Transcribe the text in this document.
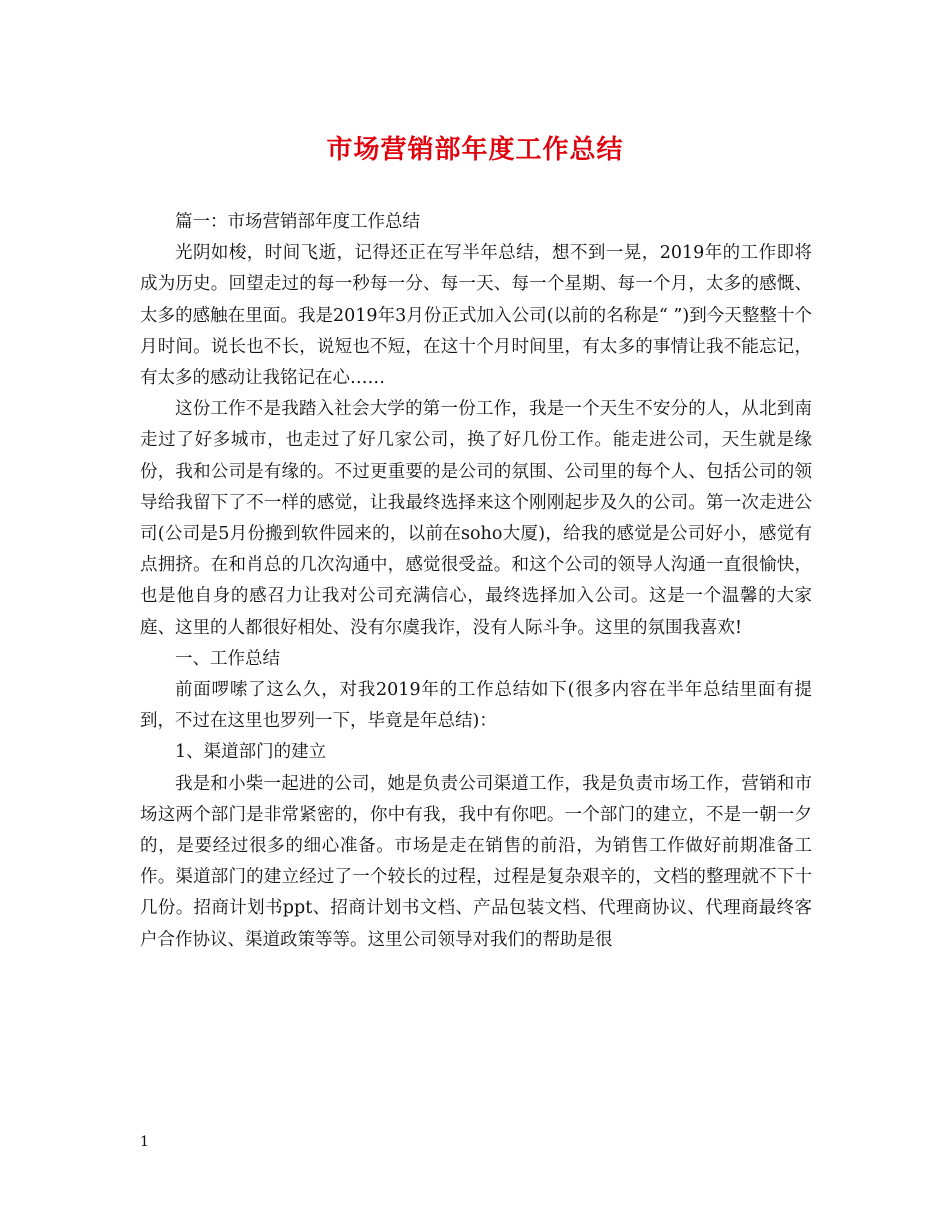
市场营销部年度工作总结

篇一：市场营销部年度工作总结

光阴如梭，时间飞逝，记得还正在写半年总结，想不到一晃，2019年的工作即将成为历史。回望走过的每一秒每一分、每一天、每一个星期、每一个月，太多的感慨、太多的感触在里面。我是2019年3月份正式加入公司(以前的名称是“ ”)到今天整整十个月时间。说长也不长，说短也不短，在这十个月时间里，有太多的事情让我不能忘记，有太多的感动让我铭记在心……

这份工作不是我踏入社会大学的第一份工作，我是一个天生不安分的人，从北到南走过了好多城市，也走过了好几家公司，换了好几份工作。能走进公司，天生就是缘份，我和公司是有缘的。不过更重要的是公司的氛围、公司里的每个人、包括公司的领导给我留下了不一样的感觉，让我最终选择来这个刚刚起步及久的公司。第一次走进公司(公司是5月份搬到软件园来的，以前在soho大厦)，给我的感觉是公司好小，感觉有点拥挤。在和肖总的几次沟通中，感觉很受益。和这个公司的领导人沟通一直很愉快，也是他自身的感召力让我对公司充满信心，最终选择加入公司。这是一个温馨的大家庭、这里的人都很好相处、没有尔虞我诈，没有人际斗争。这里的氛围我喜欢!

一、工作总结

前面啰嗦了这么久，对我2019年的工作总结如下(很多内容在半年总结里面有提到，不过在这里也罗列一下，毕竟是年总结)：

1、渠道部门的建立

我是和小柴一起进的公司，她是负责公司渠道工作，我是负责市场工作，营销和市场这两个部门是非常紧密的，你中有我，我中有你吧。一个部门的建立，不是一朝一夕的，是要经过很多的细心准备。市场是走在销售的前沿，为销售工作做好前期准备工作。渠道部门的建立经过了一个较长的过程，过程是复杂艰辛的，文档的整理就不下十几份。招商计划书ppt、招商计划书文档、产品包装文档、代理商协议、代理商最终客户合作协议、渠道政策等等。这里公司领导对我们的帮助是很

1
